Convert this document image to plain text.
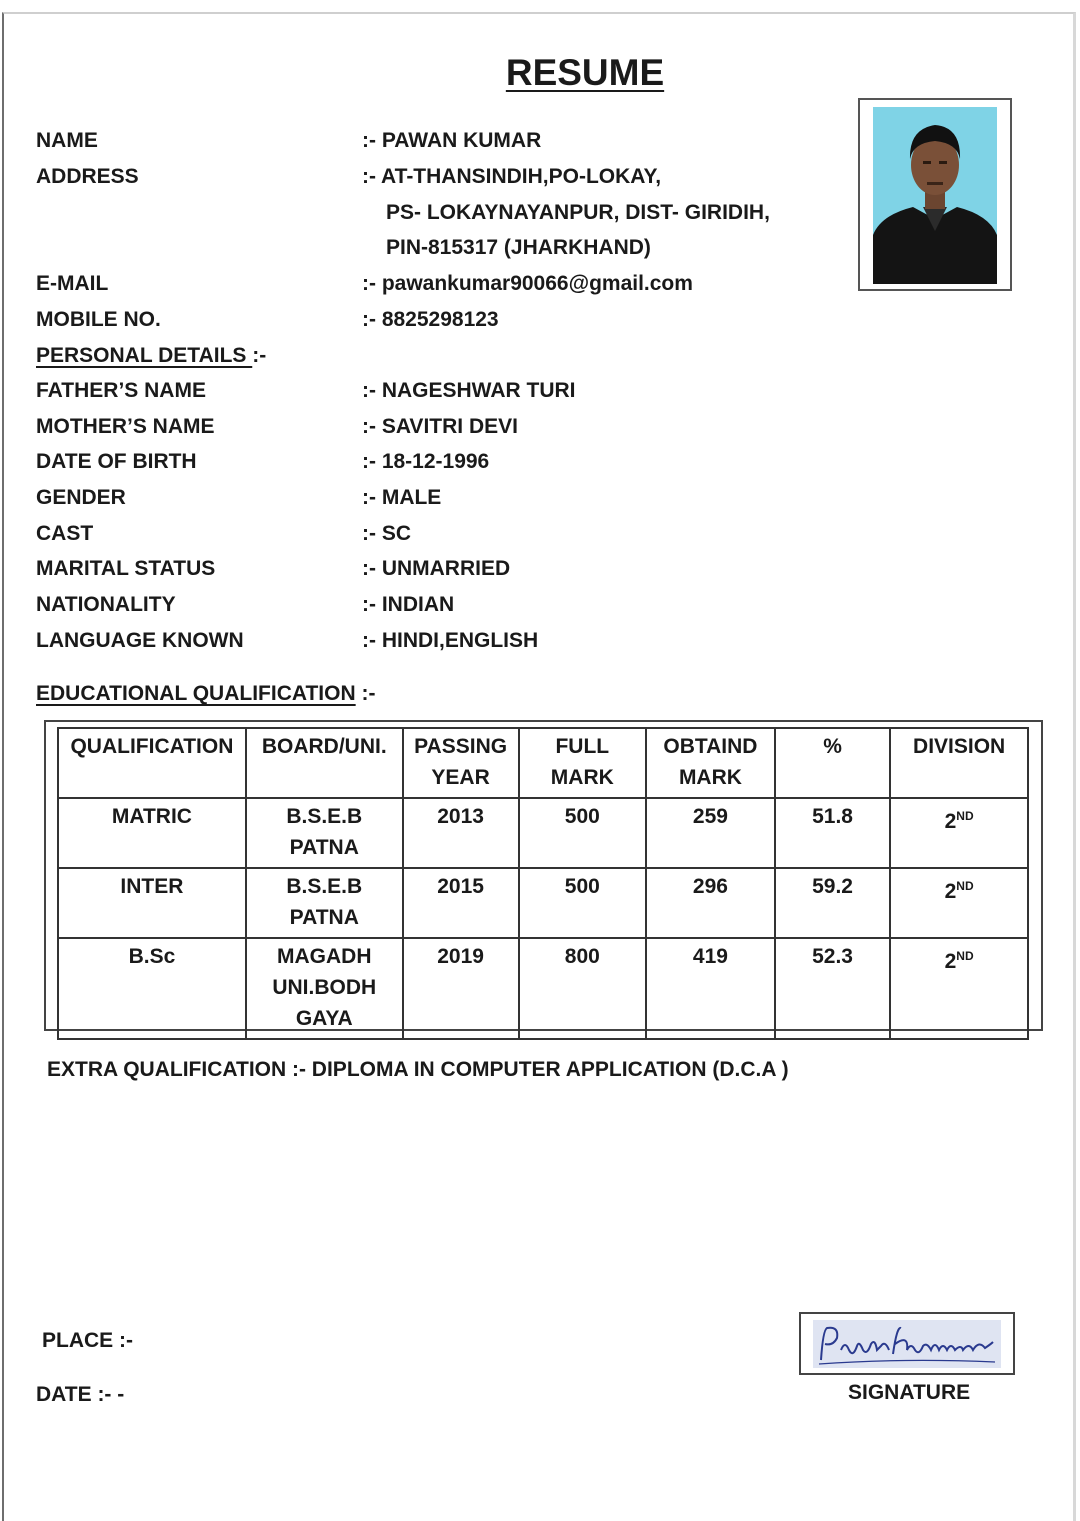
RESUME
NAME	:- PAWAN KUMAR
ADDRESS	:- AT-THANSINDIH,PO-LOKAY,
PS- LOKAYNAYANPUR, DIST- GIRIDIH,
PIN-815317 (JHARKHAND)
E-MAIL	:- pawankumar90066@gmail.com
MOBILE NO.	:- 8825298123
PERSONAL DETAILS :-
FATHER’S NAME	:- NAGESHWAR TURI
MOTHER’S NAME	:- SAVITRI DEVI
DATE OF BIRTH	:- 18-12-1996
GENDER	:- MALE
CAST	:- SC
MARITAL STATUS	:- UNMARRIED
NATIONALITY	:- INDIAN
LANGUAGE KNOWN	:- HINDI,ENGLISH
EDUCATIONAL QUALIFICATION :-
QUALIFICATION	BOARD/UNI.	PASSING YEAR	FULL MARK	OBTAIND MARK	%	DIVISION
MATRIC	B.S.E.B PATNA	2013	500	259	51.8	2ND
INTER	B.S.E.B PATNA	2015	500	296	59.2	2ND
B.Sc	MAGADH UNI.BODH GAYA	2019	800	419	52.3	2ND
EXTRA QUALIFICATION :- DIPLOMA IN COMPUTER APPLICATION (D.C.A )
PLACE :-
DATE :- -	SIGNATURE
